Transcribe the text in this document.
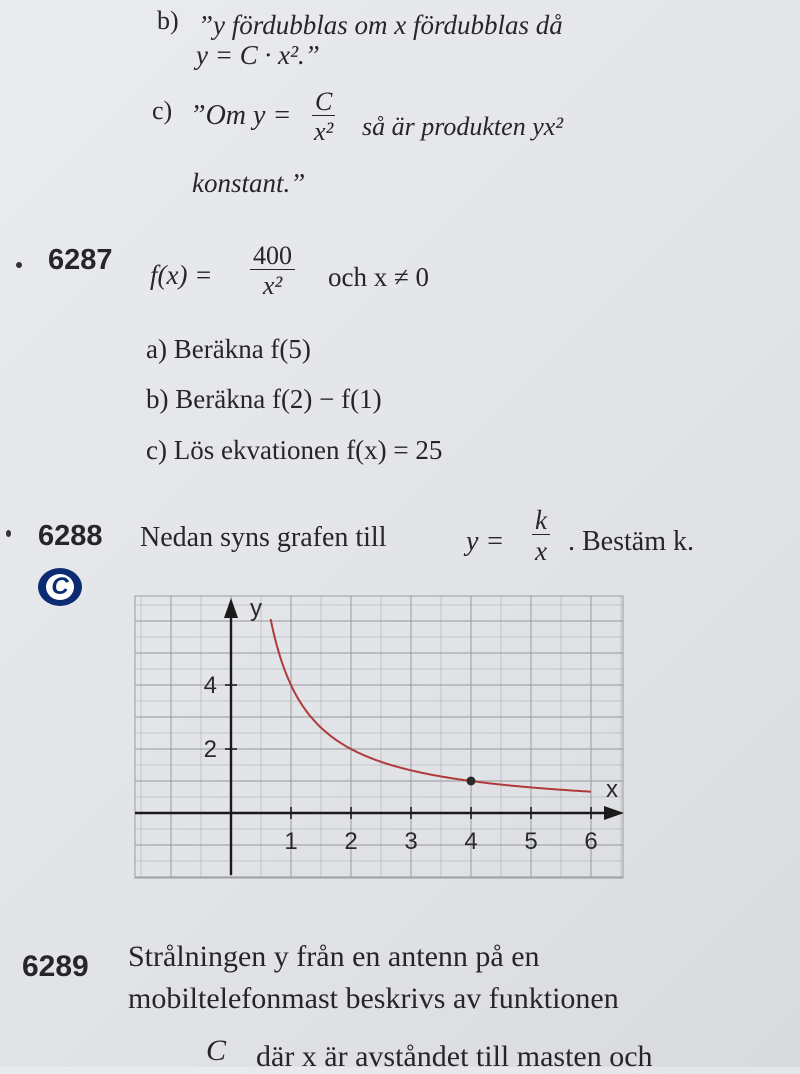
b) ”y fördubblas om x fördubblas då
y = C · x².”
c) ”Om $y = \frac{C}{\text{x²}}$ så är produkten yx²
konstant.”
6287 $f(x) = \frac{400}{\text{x²}}$ och x ≠ 0
a) Beräkna f(5)
b) Beräkna f(2) − f(1)
c) Lös ekvationen f(x) = 25
6288 Nedan syns grafen till	$y = \frac{k}{x}$ . Bestäm k.
C
1 2 3 4 5 6
2
4
x
y
6289 Strålningen y från en antenn på en
mobiltelefonmast beskrivs av funktionen
C där x är avståndet till masten och
